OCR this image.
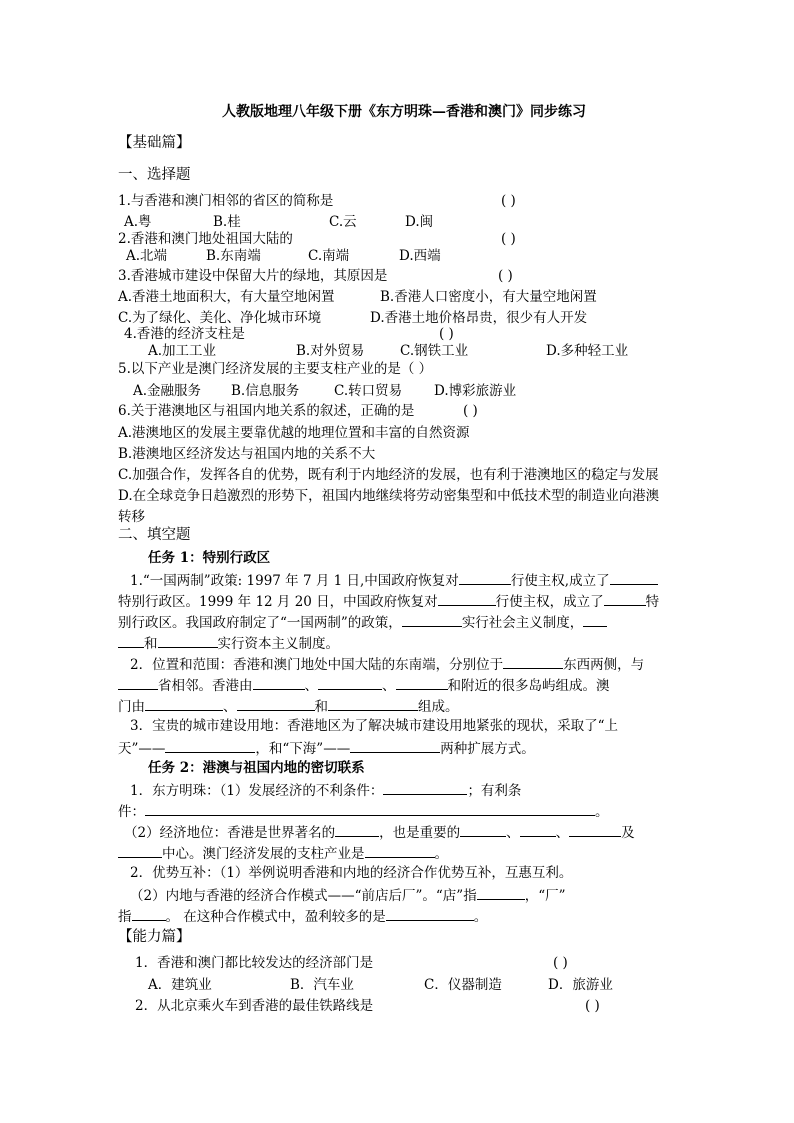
人教版地理八年级下册《东方明珠—香港和澳门》同步练习
【基础篇】
一、选择题
1.与香港和澳门相邻的省区的简称是	( )
A.粤	B.桂	C.云	D.闽
2.香港和澳门地处祖国大陆的	( )
A.北端	B.东南端	C.南端	D.西端
3.香港城市建设中保留大片的绿地，其原因是	( )
A.香港土地面积大，有大量空地闲置	B.香港人口密度小，有大量空地闲置
C.为了绿化、美化、净化城市环境	D.香港土地价格昂贵，很少有人开发
4.香港的经济支柱是	( )
A.加工工业	B.对外贸易	C.钢铁工业	D.多种轻工业
5.以下产业是澳门经济发展的主要支柱产业的是（ ）
A.金融服务 B.信息服务	C.转口贸易 D.博彩旅游业
6.关于港澳地区与祖国内地关系的叙述，正确的是	( )
A.港澳地区的发展主要靠优越的地理位置和丰富的自然资源
B.港澳地区经济发达与祖国内地的关系不大
C.加强合作，发挥各自的优势，既有利于内地经济的发展，也有利于港澳地区的稳定与发展
D.在全球竞争日趋激烈的形势下，祖国内地继续将劳动密集型和中低技术型的制造业向港澳
转移
二、填空题
任务 1：特别行政区
1.“一国两制”政策: 1997 年 7 月 1 日,中国政府恢复对	行使主权,成立了
特别行政区。1999 年 12 月 20 日，中国政府恢复对	行使主权，成立了	特
别行政区。我国政府制定了“一国两制”的政策，	实行社会主义制度，
和	实行资本主义制度。
2．位置和范围：香港和澳门地处中国大陆的东南端，分别位于	东西两侧，与
省相邻。香港由	、	、	和附近的很多岛屿组成。澳
门由	、	和	组成。
3．宝贵的城市建设用地：香港地区为了解决城市建设用地紧张的现状，采取了“上
天”——	，和“下海”——	两种扩展方式。
任务 2：港澳与祖国内地的密切联系
1．东方明珠：（1）发展经济的不利条件：	；有利条
件：	。
（2）经济地位：香港是世界著名的	，也是重要的	、	、	及
中心。澳门经济发展的支柱产业是	。
2．优势互补：（1）举例说明香港和内地的经济合作优势互补，互惠互利。
（2）内地与香港的经济合作模式——“前店后厂”。“店”指	，“厂”
指	。 在这种合作模式中，盈利较多的是	。
【能力篇】
1．香港和澳门都比较发达的经济部门是	( )
A．建筑业	B．汽车业	C．仪器制造	D．旅游业
2．从北京乘火车到香港的最佳铁路线是	( )
